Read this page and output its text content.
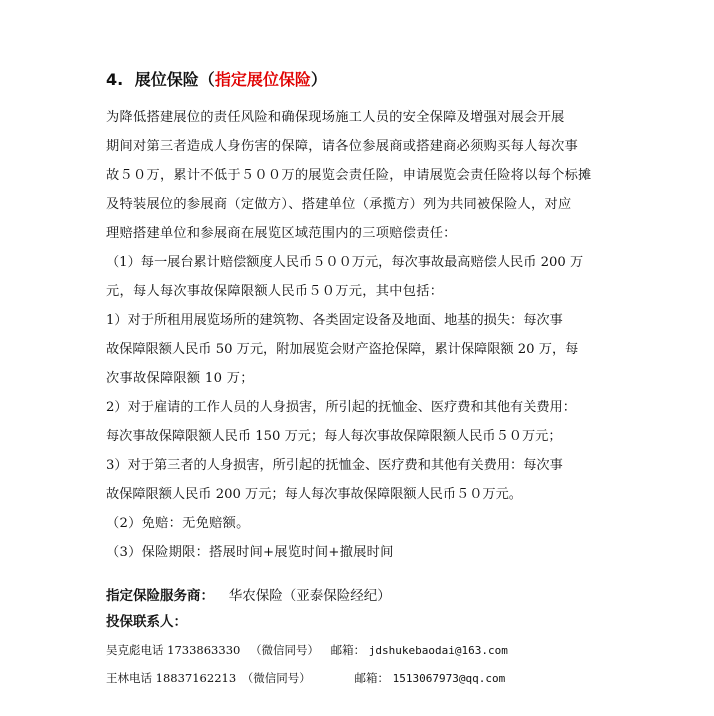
4. 展位保险（指定展位保险）
为降低搭建展位的责任风险和确保现场施工人员的安全保障及增强对展会开展
期间对第三者造成人身伤害的保障，请各位参展商或搭建商必须购买每人每次事
故５０万，累计不低于５００万的展览会责任险，申请展览会责任险将以每个标摊
及特装展位的参展商（定做方）、搭建单位（承揽方）列为共同被保险人，对应
理赔搭建单位和参展商在展览区域范围内的三项赔偿责任：
（1）每一展台累计赔偿额度人民币５００万元，每次事故最高赔偿人民币 200 万
元，每人每次事故保障限额人民币５０万元，其中包括：
1）对于所租用展览场所的建筑物、各类固定设备及地面、地基的损失：每次事
故保障限额人民币 50 万元，附加展览会财产盗抢保障，累计保障限额 20 万，每
次事故保障限额 10 万；
2）对于雇请的工作人员的人身损害，所引起的抚恤金、医疗费和其他有关费用：
每次事故保障限额人民币 150 万元；每人每次事故保障限额人民币５０万元；
3）对于第三者的人身损害，所引起的抚恤金、医疗费和其他有关费用：每次事
故保障限额人民币 200 万元；每人每次事故保障限额人民币５０万元。
（2）免赔：无免赔额。
（3）保险期限：搭展时间+展览时间+撤展时间
指定保险服务商： 华农保险（亚泰保险经纪）
投保联系人：
吴克彪电话 1733863330 （微信同号） 邮箱： jdshukebaodai@163.com
王林电话 18837162213 （微信同号）	邮箱： 1513067973@qq.com
